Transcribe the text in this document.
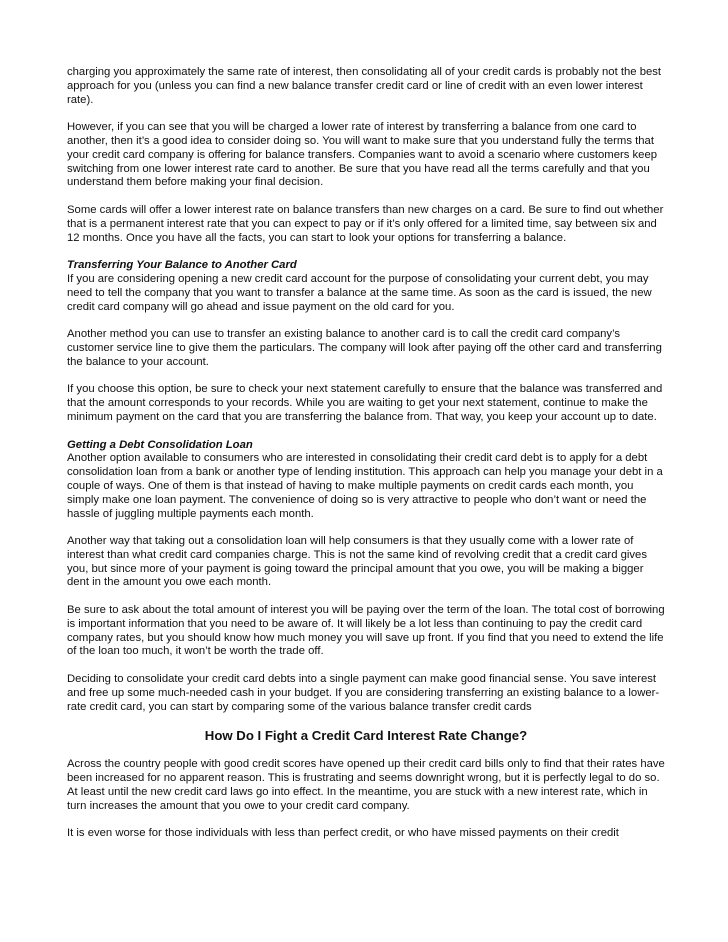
charging you approximately the same rate of interest, then consolidating all of your credit cards is probably not the best approach for you (unless you can find a new balance transfer credit card or line of credit with an even lower interest rate).

However, if you can see that you will be charged a lower rate of interest by transferring a balance from one card to another, then it’s a good idea to consider doing so. You will want to make sure that you understand fully the terms that your credit card company is offering for balance transfers. Companies want to avoid a scenario where customers keep switching from one lower interest rate card to another. Be sure that you have read all the terms carefully and that you understand them before making your final decision.

Some cards will offer a lower interest rate on balance transfers than new charges on a card. Be sure to find out whether that is a permanent interest rate that you can expect to pay or if it’s only offered for a limited time, say between six and 12 months. Once you have all the facts, you can start to look your options for transferring a balance.

Transferring Your Balance to Another Card
If you are considering opening a new credit card account for the purpose of consolidating your current debt, you may need to tell the company that you want to transfer a balance at the same time. As soon as the card is issued, the new credit card company will go ahead and issue payment on the old card for you.

Another method you can use to transfer an existing balance to another card is to call the credit card company’s customer service line to give them the particulars. The company will look after paying off the other card and transferring the balance to your account.

If you choose this option, be sure to check your next statement carefully to ensure that the balance was transferred and that the amount corresponds to your records. While you are waiting to get your next statement, continue to make the minimum payment on the card that you are transferring the balance from. That way, you keep your account up to date.

Getting a Debt Consolidation Loan
Another option available to consumers who are interested in consolidating their credit card debt is to apply for a debt consolidation loan from a bank or another type of lending institution. This approach can help you manage your debt in a couple of ways. One of them is that instead of having to make multiple payments on credit cards each month, you simply make one loan payment. The convenience of doing so is very attractive to people who don’t want or need the hassle of juggling multiple payments each month.

Another way that taking out a consolidation loan will help consumers is that they usually come with a lower rate of interest than what credit card companies charge. This is not the same kind of revolving credit that a credit card gives you, but since more of your payment is going toward the principal amount that you owe, you will be making a bigger dent in the amount you owe each month.

Be sure to ask about the total amount of interest you will be paying over the term of the loan. The total cost of borrowing is important information that you need to be aware of. It will likely be a lot less than continuing to pay the credit card company rates, but you should know how much money you will save up front. If you find that you need to extend the life of the loan too much, it won’t be worth the trade off.

Deciding to consolidate your credit card debts into a single payment can make good financial sense. You save interest and free up some much-needed cash in your budget. If you are considering transferring an existing balance to a lower-rate credit card, you can start by comparing some of the various balance transfer credit cards

How Do I Fight a Credit Card Interest Rate Change?

Across the country people with good credit scores have opened up their credit card bills only to find that their rates have been increased for no apparent reason. This is frustrating and seems downright wrong, but it is perfectly legal to do so. At least until the new credit card laws go into effect. In the meantime, you are stuck with a new interest rate, which in turn increases the amount that you owe to your credit card company.

It is even worse for those individuals with less than perfect credit, or who have missed payments on their credit
